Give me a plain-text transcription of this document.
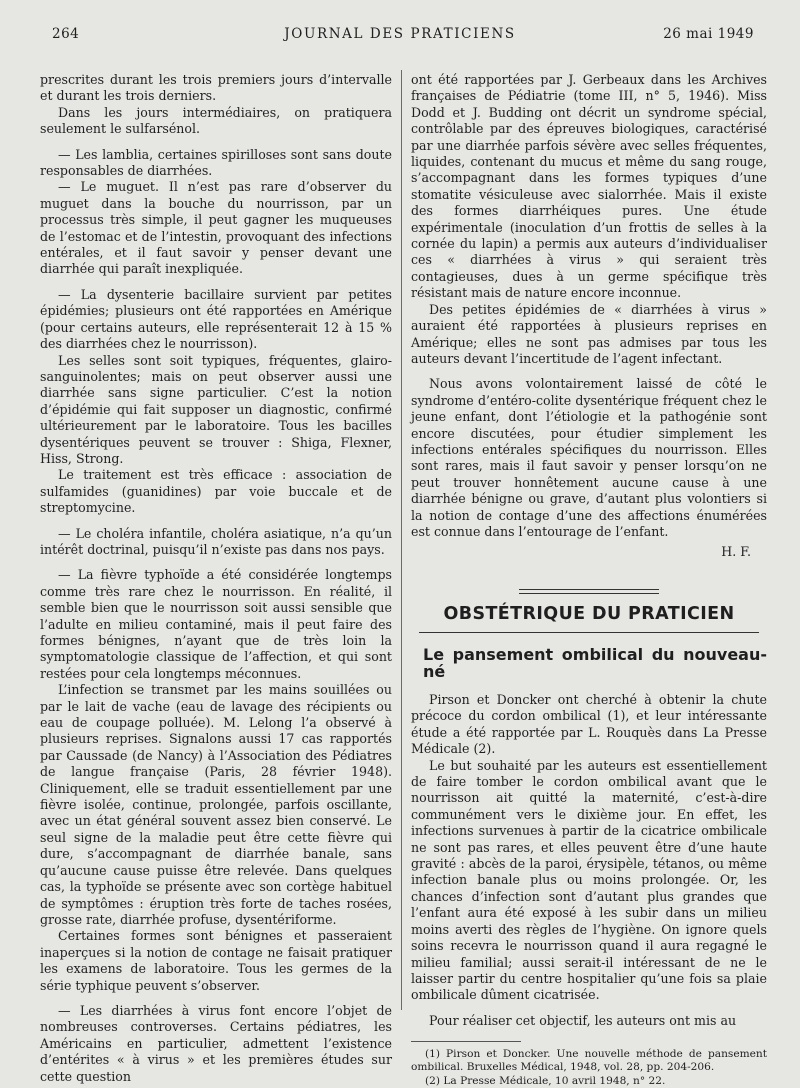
264	JOURNAL DES PRATICIENS	26 mai 1949

prescrites durant les trois premiers jours d’intervalle et durant les trois derniers.

Dans les jours intermédiaires, on pratiquera seulement le sulfarsénol.

— Les lamblia, certaines spirilloses sont sans doute responsables de diarrhées.

— Le muguet. Il n’est pas rare d’observer du muguet dans la bouche du nourrisson, par un processus très simple, il peut gagner les muqueuses de l’estomac et de l’intestin, provoquant des infections entérales, et il faut savoir y penser devant une diarrhée qui paraît inexpliquée.

— La dysenterie bacillaire survient par petites épidémies; plusieurs ont été rapportées en Amérique (pour certains auteurs, elle représenterait 12 à 15 % des diarrhées chez le nourrisson).

Les selles sont soit typiques, fréquentes, glairo-sanguinolentes; mais on peut observer aussi une diarrhée sans signe particulier. C’est la notion d’épidémie qui fait supposer un diagnostic, confirmé ultérieurement par le laboratoire. Tous les bacilles dysentériques peuvent se trouver : Shiga, Flexner, Hiss, Strong.

Le traitement est très efficace : association de sulfamides (guanidines) par voie buccale et de streptomycine.

— Le choléra infantile, choléra asiatique, n’a qu’un intérêt doctrinal, puisqu’il n’existe pas dans nos pays.

— La fièvre typhoïde a été considérée longtemps comme très rare chez le nourrisson. En réalité, il semble bien que le nourrisson soit aussi sensible que l’adulte en milieu contaminé, mais il peut faire des formes bénignes, n’ayant que de très loin la symptomatologie classique de l’affection, et qui sont restées pour cela longtemps méconnues.

L’infection se transmet par les mains souillées ou par le lait de vache (eau de lavage des récipients ou eau de coupage polluée). M. Lelong l’a observé à plusieurs reprises. Signalons aussi 17 cas rapportés par Caussade (de Nancy) à l’Association des Pédiatres de langue française (Paris, 28 février 1948). Cliniquement, elle se traduit essentiellement par une fièvre isolée, continue, prolongée, parfois oscillante, avec un état général souvent assez bien conservé. Le seul signe de la maladie peut être cette fièvre qui dure, s’accompagnant de diarrhée banale, sans qu’aucune cause puisse être relevée. Dans quelques cas, la typhoïde se présente avec son cortège habituel de symptômes : éruption très forte de taches rosées, grosse rate, diarrhée profuse, dysentériforme.

Certaines formes sont bénignes et passeraient inaperçues si la notion de contage ne faisait pratiquer les examens de laboratoire. Tous les germes de la série typhique peuvent s’observer.

— Les diarrhées à virus font encore l’objet de nombreuses controverses. Certains pédiatres, les Américains en particulier, admettent l’existence d’entérites « à virus » et les premières études sur cette question

ont été rapportées par J. Gerbeaux dans les Archives françaises de Pédiatrie (tome III, n° 5, 1946). Miss Dodd et J. Budding ont décrit un syndrome spécial, contrôlable par des épreuves biologiques, caractérisé par une diarrhée parfois sévère avec selles fréquentes, liquides, contenant du mucus et même du sang rouge, s’accompagnant dans les formes typiques d’une stomatite vésiculeuse avec sialorrhée. Mais il existe des formes diarrhéiques pures. Une étude expérimentale (inoculation d’un frottis de selles à la cornée du lapin) a permis aux auteurs d’individualiser ces « diarrhées à virus » qui seraient très contagieuses, dues à un germe spécifique très résistant mais de nature encore inconnue.

Des petites épidémies de « diarrhées à virus » auraient été rapportées à plusieurs reprises en Amérique; elles ne sont pas admises par tous les auteurs devant l’incertitude de l’agent infectant.

Nous avons volontairement laissé de côté le syndrome d’entéro-colite dysentérique fréquent chez le jeune enfant, dont l’étiologie et la pathogénie sont encore discutées, pour étudier simplement les infections entérales spécifiques du nourrisson. Elles sont rares, mais il faut savoir y penser lorsqu’on ne peut trouver honnêtement aucune cause à une diarrhée bénigne ou grave, d’autant plus volontiers si la notion de contage d’une des affections énumérées est connue dans l’entourage de l’enfant.

H. F.
OBSTÉTRIQUE DU PRATICIEN
Le pansement ombilical du nouveau-né

Pirson et Doncker ont cherché à obtenir la chute précoce du cordon ombilical (1), et leur intéressante étude a été rapportée par L. Rouquès dans La Presse Médicale (2).

Le but souhaité par les auteurs est essentiellement de faire tomber le cordon ombilical avant que le nourrisson ait quitté la maternité, c’est-à-dire communément vers le dixième jour. En effet, les infections survenues à partir de la cicatrice ombilicale ne sont pas rares, et elles peuvent être d’une haute gravité : abcès de la paroi, érysipèle, tétanos, ou même infection banale plus ou moins prolongée. Or, les chances d’infection sont d’autant plus grandes que l’enfant aura été exposé à les subir dans un milieu moins averti des règles de l’hygiène. On ignore quels soins recevra le nourrisson quand il aura regagné le milieu familial; aussi serait-il intéressant de ne le laisser partir du centre hospitalier qu’une fois sa plaie ombilicale dûment cicatrisée.

Pour réaliser cet objectif, les auteurs ont mis au

(1) Pirson et Doncker. Une nouvelle méthode de pansement ombilical. Bruxelles Médical, 1948, vol. 28, pp. 204-206.

(2) La Presse Médicale, 10 avril 1948, n° 22.
